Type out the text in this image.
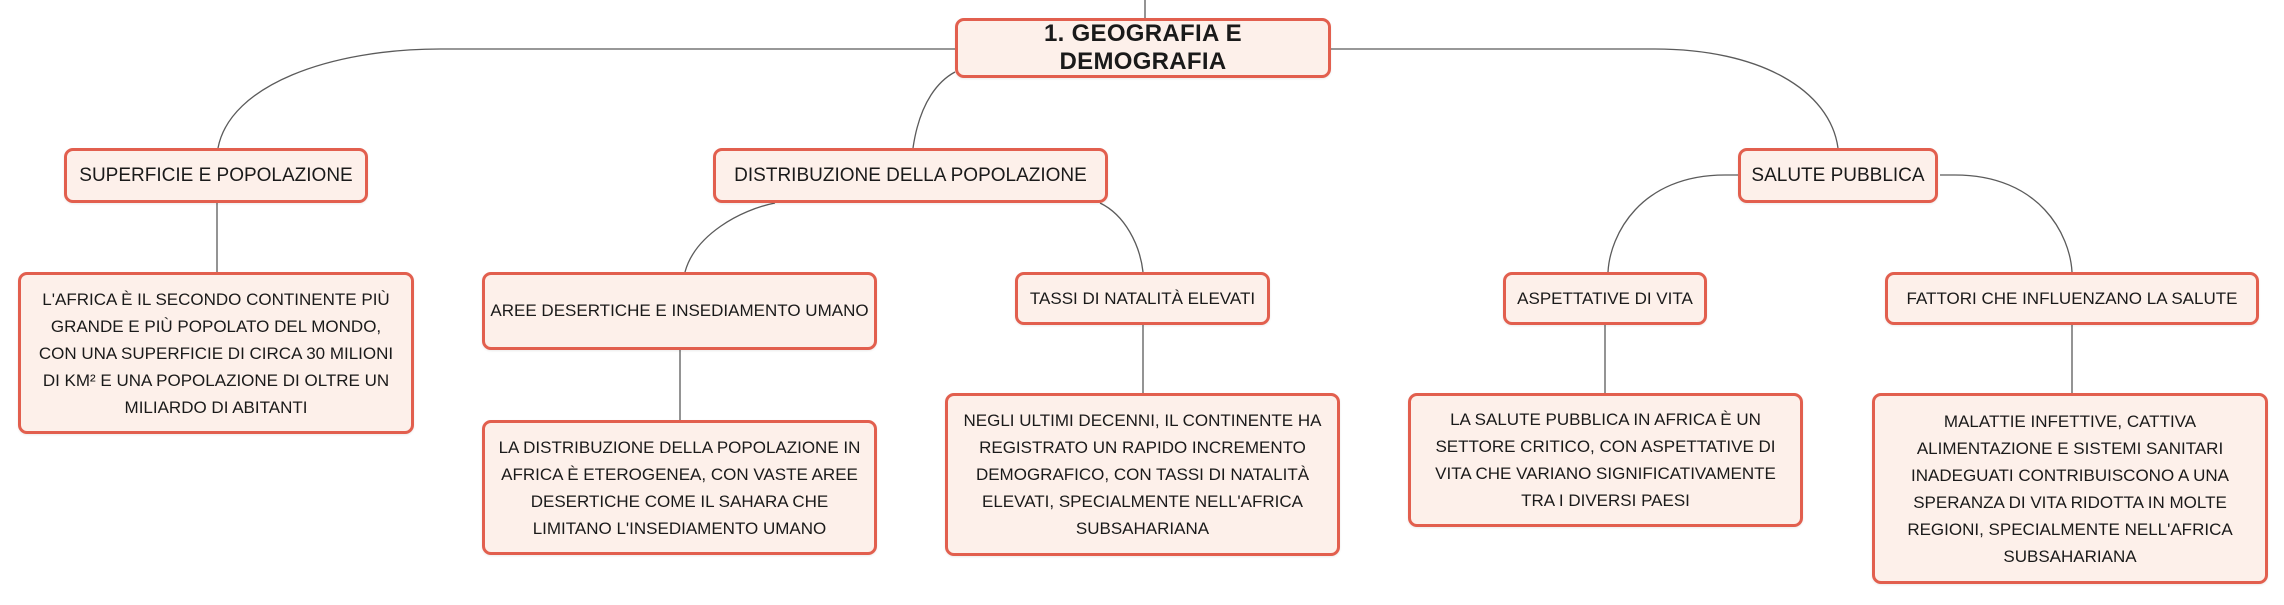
1. GEOGRAFIA E DEMOGRAFIA
SUPERFICIE E POPOLAZIONE	DISTRIBUZIONE DELLA POPOLAZIONE	SALUTE PUBBLICA
L'AFRICA È IL SECONDO CONTINENTE PIÙ GRANDE E PIÙ POPOLATO DEL MONDO, CON UNA SUPERFICIE DI CIRCA 30 MILIONI DI KM² E UNA POPOLAZIONE DI OLTRE UN MILIARDO DI ABITANTI
AREE DESERTICHE E INSEDIAMENTO UMANO
TASSI DI NATALITÀ ELEVATI	ASPETTATIVE DI VITA	FATTORI CHE INFLUENZANO LA SALUTE
LA DISTRIBUZIONE DELLA POPOLAZIONE IN AFRICA È ETEROGENEA, CON VASTE AREE DESERTICHE COME IL SAHARA CHE LIMITANO L'INSEDIAMENTO UMANO
NEGLI ULTIMI DECENNI, IL CONTINENTE HA REGISTRATO UN RAPIDO INCREMENTO DEMOGRAFICO, CON TASSI DI NATALITÀ ELEVATI, SPECIALMENTE NELL'AFRICA SUBSAHARIANA
LA SALUTE PUBBLICA IN AFRICA È UN SETTORE CRITICO, CON ASPETTATIVE DI VITA CHE VARIANO SIGNIFICATIVAMENTE TRA I DIVERSI PAESI
MALATTIE INFETTIVE, CATTIVA ALIMENTAZIONE E SISTEMI SANITARI INADEGUATI CONTRIBUISCONO A UNA SPERANZA DI VITA RIDOTTA IN MOLTE REGIONI, SPECIALMENTE NELL'AFRICA SUBSAHARIANA
